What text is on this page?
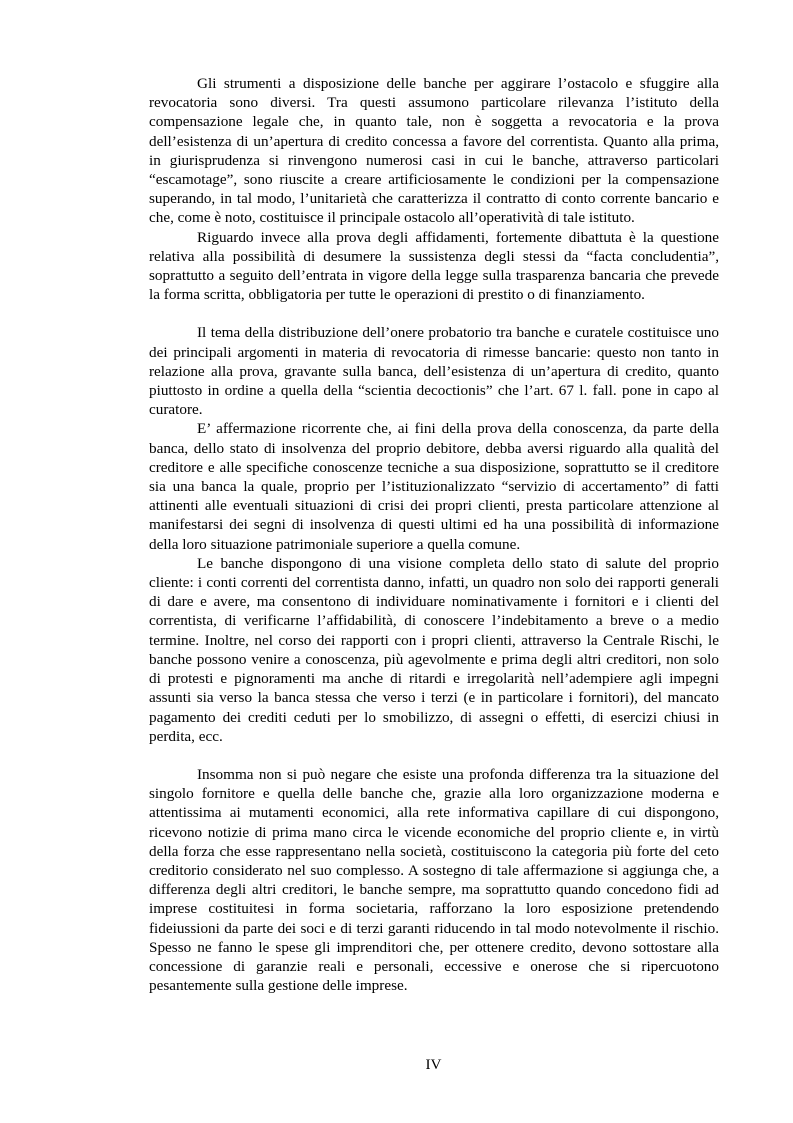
Gli strumenti a disposizione delle banche per aggirare l’ostacolo e sfuggire alla revocatoria sono diversi. Tra questi assumono particolare rilevanza l’istituto della compensazione legale che, in quanto tale, non è soggetta a revocatoria e la prova dell’esistenza di un’apertura di credito concessa a favore del correntista. Quanto alla prima, in giurisprudenza si rinvengono numerosi casi in cui le banche, attraverso particolari “escamotage”, sono riuscite a creare artificiosamente le condizioni per la compensazione superando, in tal modo, l’unitarietà che caratterizza il contratto di conto corrente bancario e che, come è noto, costituisce il principale ostacolo all’operatività di tale istituto.

Riguardo invece alla prova degli affidamenti, fortemente dibattuta è la questione relativa alla possibilità di desumere la sussistenza degli stessi da “facta concludentia”, soprattutto a seguito dell’entrata in vigore della legge sulla trasparenza bancaria che prevede la forma scritta, obbligatoria per tutte le operazioni di prestito o di finanziamento.

Il tema della distribuzione dell’onere probatorio tra banche e curatele costituisce uno dei principali argomenti in materia di revocatoria di rimesse bancarie: questo non tanto in relazione alla prova, gravante sulla banca, dell’esistenza di un’apertura di credito, quanto piuttosto in ordine a quella della “scientia decoctionis” che l’art. 67 l. fall. pone in capo al curatore.

E’ affermazione ricorrente che, ai fini della prova della conoscenza, da parte della banca, dello stato di insolvenza del proprio debitore, debba aversi riguardo alla qualità del creditore e alle specifiche conoscenze tecniche a sua disposizione, soprattutto se il creditore sia una banca la quale, proprio per l’istituzionalizzato “servizio di accertamento” di fatti attinenti alle eventuali situazioni di crisi dei propri clienti, presta particolare attenzione al manifestarsi dei segni di insolvenza di questi ultimi ed ha una possibilità di informazione della loro situazione patrimoniale superiore a quella comune.

Le banche dispongono di una visione completa dello stato di salute del proprio cliente: i conti correnti del correntista danno, infatti, un quadro non solo dei rapporti generali di dare e avere, ma consentono di individuare nominativamente i fornitori e i clienti del correntista, di verificarne l’affidabilità, di conoscere l’indebitamento a breve o a medio termine. Inoltre, nel corso dei rapporti con i propri clienti, attraverso la Centrale Rischi, le banche possono venire a conoscenza, più agevolmente e prima degli altri creditori, non solo di protesti e pignoramenti ma anche di ritardi e irregolarità nell’adempiere agli impegni assunti sia verso la banca stessa che verso i terzi (e in particolare i fornitori), del mancato pagamento dei crediti ceduti per lo smobilizzo, di assegni o effetti, di esercizi chiusi in perdita, ecc.

Insomma non si può negare che esiste una profonda differenza tra la situazione del singolo fornitore e quella delle banche che, grazie alla loro organizzazione moderna e attentissima ai mutamenti economici, alla rete informativa capillare di cui dispongono, ricevono notizie di prima mano circa le vicende economiche del proprio cliente e, in virtù della forza che esse rappresentano nella società, costituiscono la categoria più forte del ceto creditorio considerato nel suo complesso. A sostegno di tale affermazione si aggiunga che, a differenza degli altri creditori, le banche sempre, ma soprattutto quando concedono fidi ad imprese costituitesi in forma societaria, rafforzano la loro esposizione pretendendo fideiussioni da parte dei soci e di terzi garanti riducendo in tal modo notevolmente il rischio. Spesso ne fanno le spese gli imprenditori che, per ottenere credito, devono sottostare alla concessione di garanzie reali e personali, eccessive e onerose che si ripercuotono pesantemente sulla gestione delle imprese.

IV
